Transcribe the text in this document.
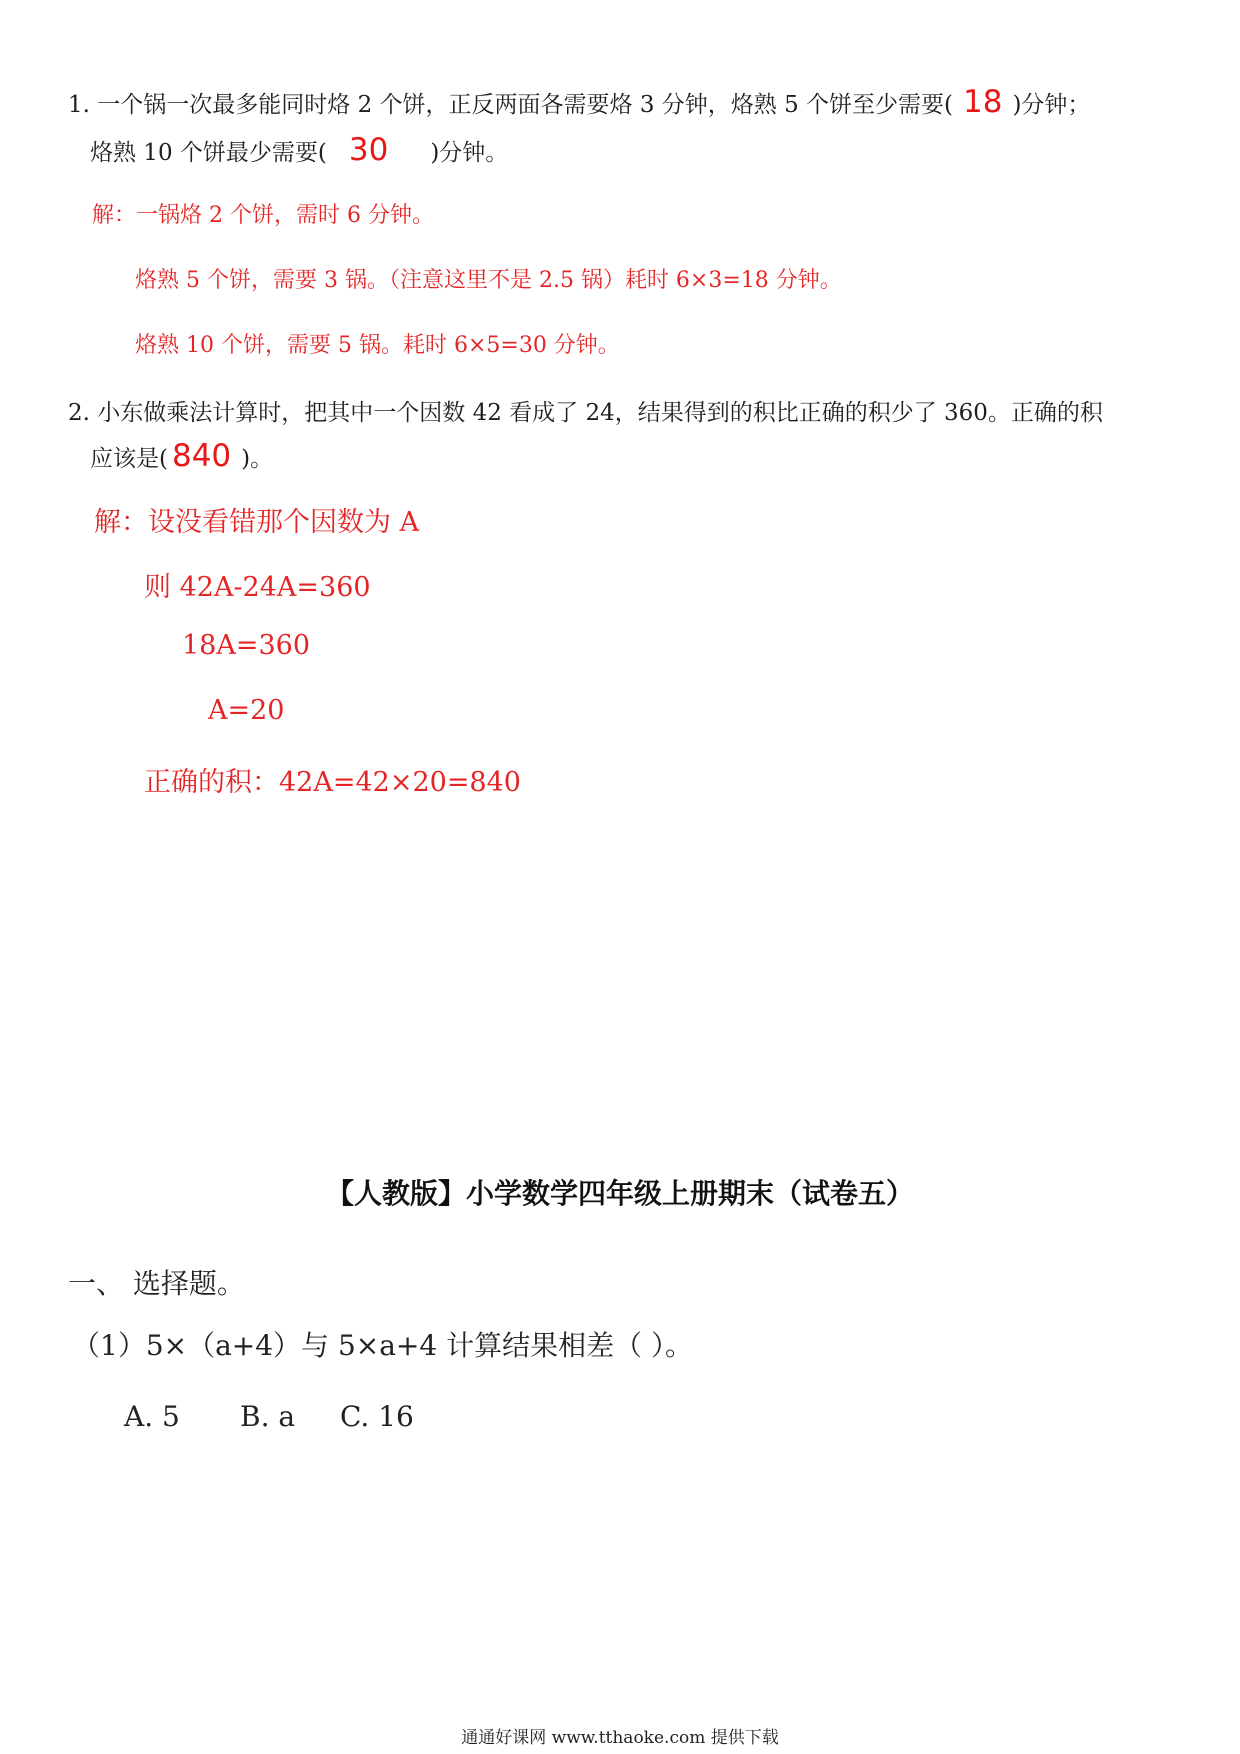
1. 一个锅一次最多能同时烙 2 个饼，正反两面各需要烙 3 分钟，烙熟 5 个饼至少需要( 18 )分钟；
烙熟 10 个饼最少需要( 30 )分钟。
解：一锅烙 2 个饼，需时 6 分钟。
烙熟 5 个饼，需要 3 锅。（注意这里不是 2.5 锅）耗时 6×3=18 分钟。
烙熟 10 个饼，需要 5 锅。耗时 6×5=30 分钟。
2. 小东做乘法计算时，把其中一个因数 42 看成了 24，结果得到的积比正确的积少了 360。正确的积
应该是( 840 )。
解：设没看错那个因数为 A
则 42A-24A=360
18A=360
A=20
正确的积：42A=42×20=840
【人教版】小学数学四年级上册期末（试卷五）
一、 选择题。
（1）5×（a+4）与 5×a+4 计算结果相差（ ）。
A. 5 B. a C. 16
通通好课网 www.tthaoke.com 提供下载
